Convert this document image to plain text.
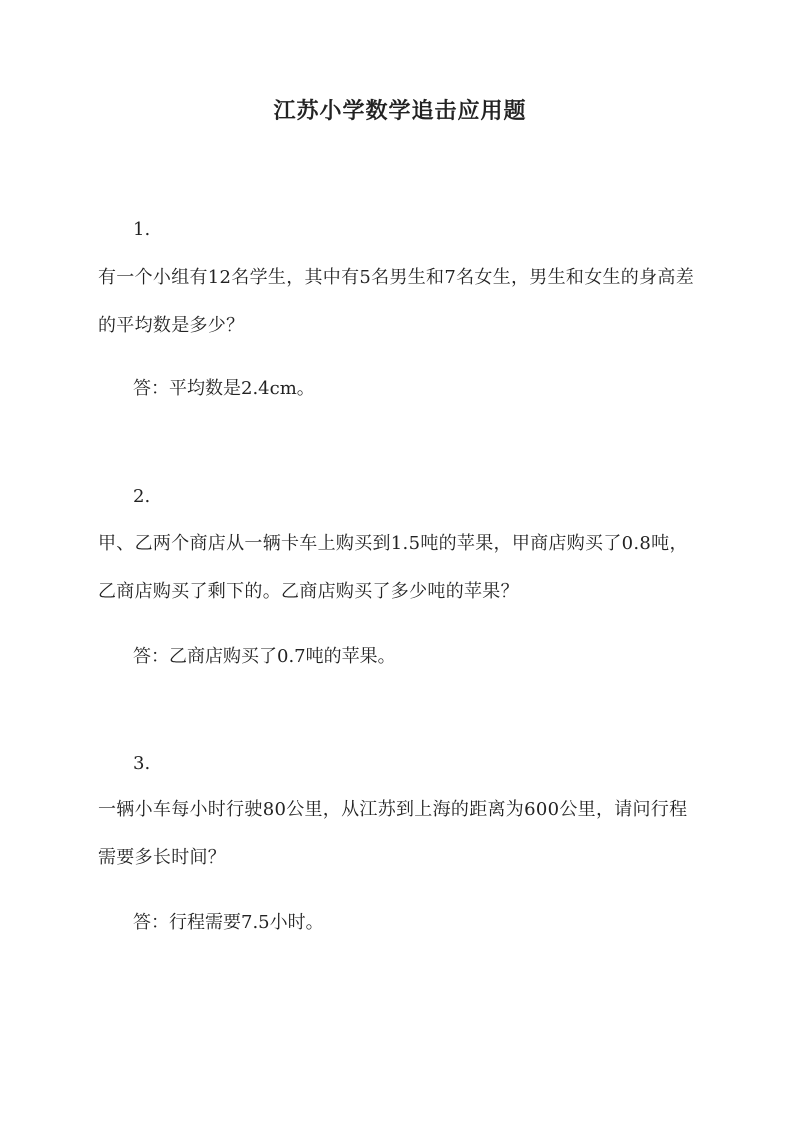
江苏小学数学追击应用题
1.
有一个小组有12名学生，其中有5名男生和7名女生，男生和女生的身高差
的平均数是多少？
答：平均数是2.4cm。
2.
甲、乙两个商店从一辆卡车上购买到1.5吨的苹果，甲商店购买了0.8吨，
乙商店购买了剩下的。乙商店购买了多少吨的苹果？
答：乙商店购买了0.7吨的苹果。
3.
一辆小车每小时行驶80公里，从江苏到上海的距离为600公里，请问行程
需要多长时间？
答：行程需要7.5小时。
